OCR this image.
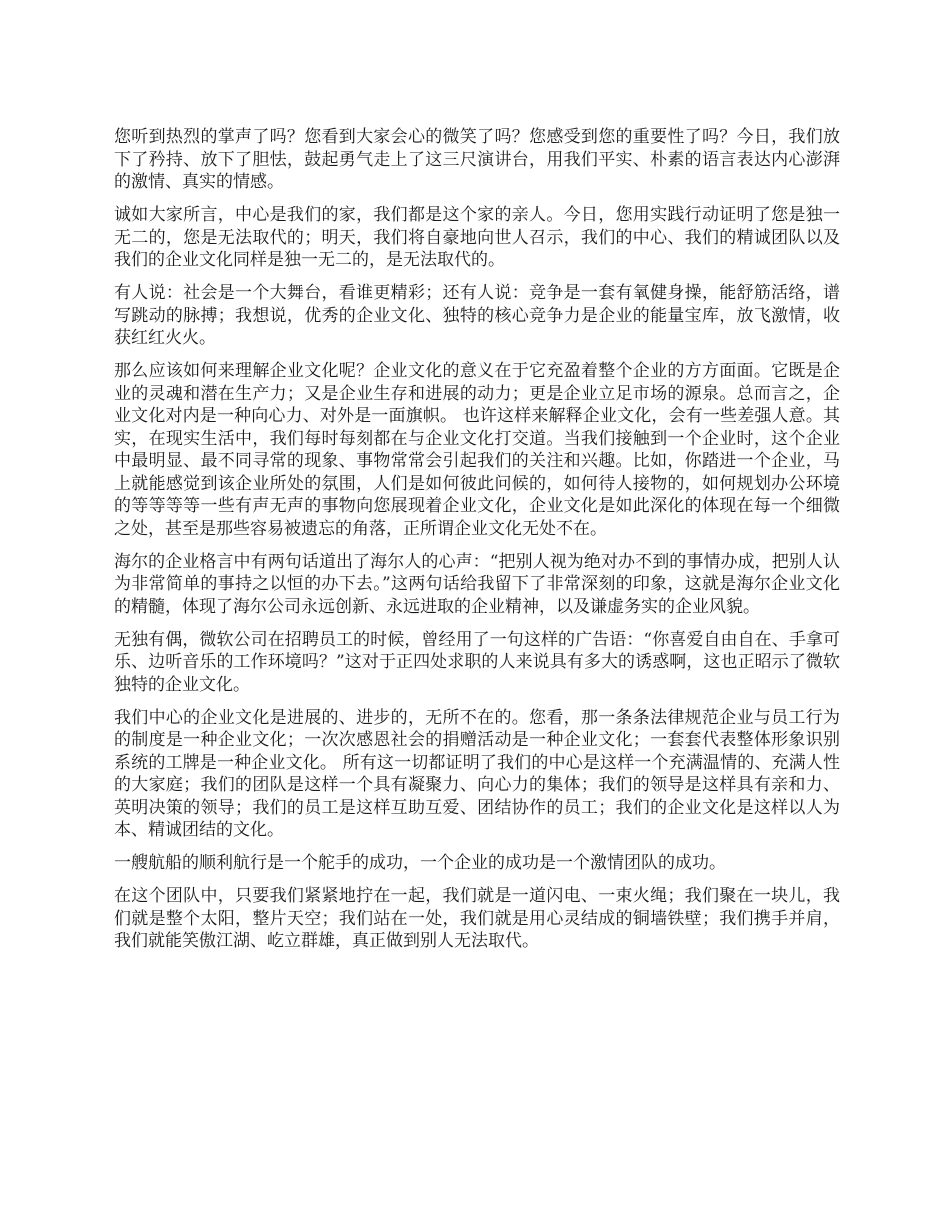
您听到热烈的掌声了吗？您看到大家会心的微笑了吗？您感受到您的重要性了吗？今日，我们放下了矜持、放下了胆怯，鼓起勇气走上了这三尺演讲台，用我们平实、朴素的语言表达内心澎湃的激情、真实的情感。

诚如大家所言，中心是我们的家，我们都是这个家的亲人。今日，您用实践行动证明了您是独一无二的，您是无法取代的；明天，我们将自豪地向世人召示，我们的中心、我们的精诚团队以及我们的企业文化同样是独一无二的，是无法取代的。

有人说：社会是一个大舞台，看谁更精彩；还有人说：竞争是一套有氧健身操，能舒筋活络，谱写跳动的脉搏；我想说，优秀的企业文化、独特的核心竞争力是企业的能量宝库，放飞激情，收获红红火火。

那么应该如何来理解企业文化呢？企业文化的意义在于它充盈着整个企业的方方面面。它既是企业的灵魂和潜在生产力；又是企业生存和进展的动力；更是企业立足市场的源泉。总而言之，企业文化对内是一种向心力、对外是一面旗帜。 也许这样来解释企业文化，会有一些差强人意。其实，在现实生活中，我们每时每刻都在与企业文化打交道。当我们接触到一个企业时，这个企业中最明显、最不同寻常的现象、事物常常会引起我们的关注和兴趣。比如，你踏进一个企业，马上就能感觉到该企业所处的氛围，人们是如何彼此问候的，如何待人接物的，如何规划办公环境的等等等等一些有声无声的事物向您展现着企业文化，企业文化是如此深化的体现在每一个细微之处，甚至是那些容易被遗忘的角落，正所谓企业文化无处不在。

海尔的企业格言中有两句话道出了海尔人的心声：“把别人视为绝对办不到的事情办成，把别人认为非常简单的事持之以恒的办下去。”这两句话给我留下了非常深刻的印象，这就是海尔企业文化的精髓，体现了海尔公司永远创新、永远进取的企业精神，以及谦虚务实的企业风貌。

无独有偶，微软公司在招聘员工的时候，曾经用了一句这样的广告语：“你喜爱自由自在、手拿可乐、边听音乐的工作环境吗？”这对于正四处求职的人来说具有多大的诱惑啊，这也正昭示了微软独特的企业文化。

我们中心的企业文化是进展的、进步的，无所不在的。您看，那一条条法律规范企业与员工行为的制度是一种企业文化；一次次感恩社会的捐赠活动是一种企业文化；一套套代表整体形象识别系统的工牌是一种企业文化。 所有这一切都证明了我们的中心是这样一个充满温情的、充满人性的大家庭；我们的团队是这样一个具有凝聚力、向心力的集体；我们的领导是这样具有亲和力、英明决策的领导；我们的员工是这样互助互爱、团结协作的员工；我们的企业文化是这样以人为本、精诚团结的文化。

一艘航船的顺利航行是一个舵手的成功，一个企业的成功是一个激情团队的成功。

在这个团队中，只要我们紧紧地拧在一起，我们就是一道闪电、一束火绳；我们聚在一块儿，我们就是整个太阳，整片天空；我们站在一处，我们就是用心灵结成的铜墙铁壁；我们携手并肩，我们就能笑傲江湖、屹立群雄，真正做到别人无法取代。
